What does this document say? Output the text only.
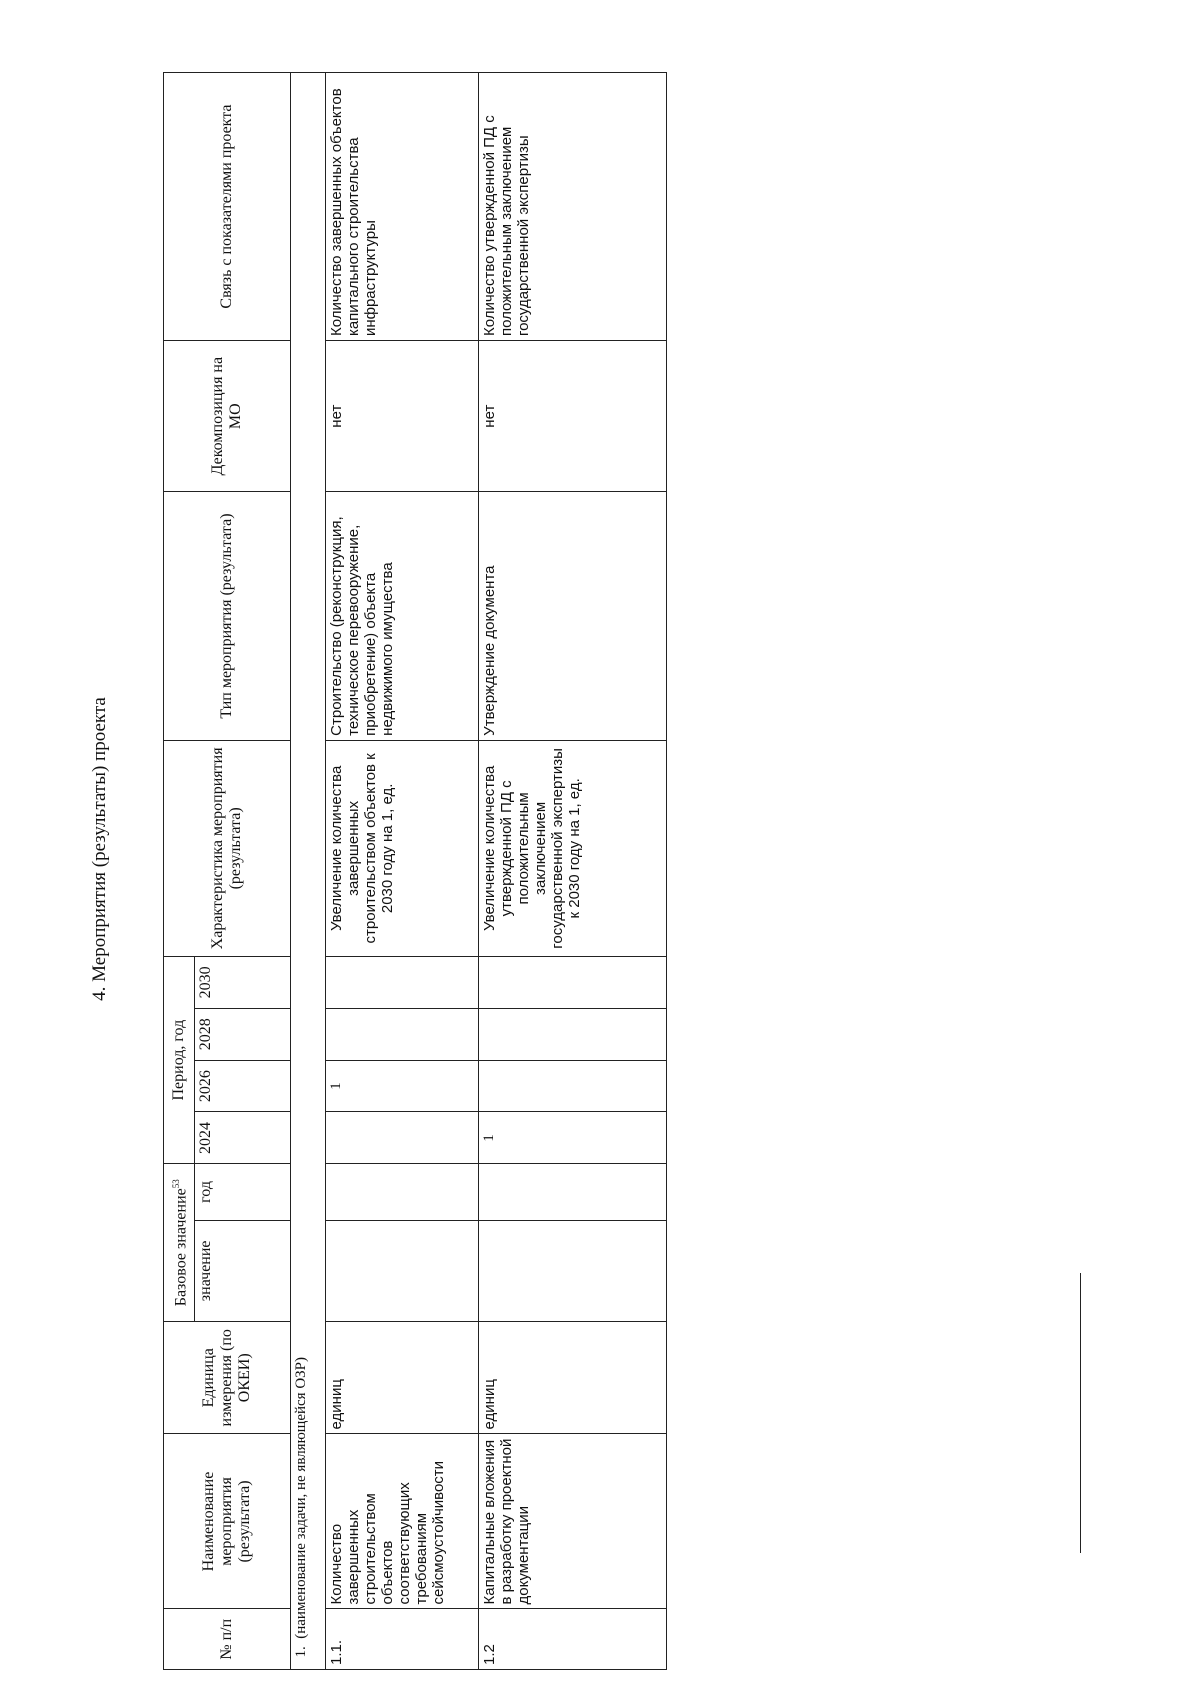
4. Мероприятия (результаты) проекта
№ п/п	Наименование мероприятия (результата)	Единица измерения (по ОКЕИ)	Базовое значение$^{53}$		Период, год				Характеристика мероприятия (результата)	Тип мероприятия (результата)	Декомпозиция на МО	Связь с показателями проекта
			значение	год	2024	2026	2028	2030				
1.  (наименование задачи, не являющейся ОЗР)												
1.1.	Количество завершенных строительством объектов соответствующих требованиям сейсмоустойчивости	единиц				1			Увеличение количества завершенных строительством объектов к 2030 году на 1, ед.	Строительство (реконструкция, техническое перевооружение, приобретение) объекта недвижимого имущества	нет	Количество завершенных объектов капитального строительства инфраструктуры
1.2	Капитальные вложения в разработку проектной документации	единиц			1				Увеличение количества утвержденной ПД с положительным заключением государственной экспертизы к 2030 году на 1, ед.	Утверждение документа	нет	Количество утвержденной ПД с положительным заключением государственной экспертизы
